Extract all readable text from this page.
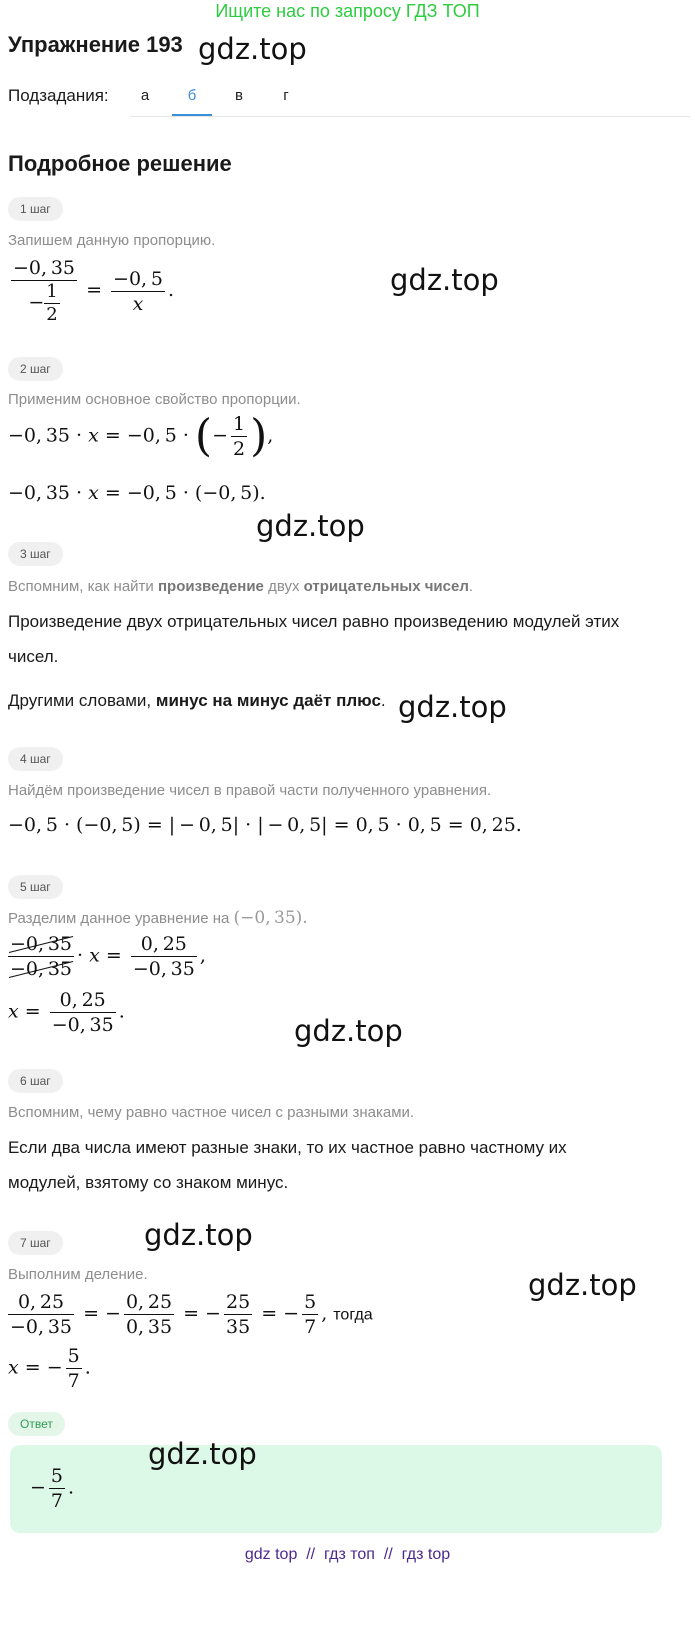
Ищите нас по запросу ГДЗ ТОП
Упражнение 193 gdz.top
Подзадания:	а	б	в	г
Подробное решение
1 шаг
Запишем данную пропорцию.
$\frac{-0, 35}{- \frac{1}{2}} = \frac{-0, 5}{x}$ .	gdz.top
2 шаг
Применим основное свойство пропорции.
−0, 35 · x = −0, 5 · (− $\frac{1}{2}$ ),
−0, 35 · x = −0, 5 · (−0, 5).
gdz.top
3 шаг
Вспомним, как найти произведение двух отрицательных чисел.
Произведение двух отрицательных чисел равно произведению модулей этих чисел.
Другими словами, минус на минус даёт плюс. gdz.top
4 шаг
Найдём произведение чисел в правой части полученного уравнения.
−0, 5 · (−0, 5) = | − 0, 5| · | − 0, 5| = 0, 5 · 0, 5 = 0, 25.
5 шаг
Разделим данное уравнение на (−0, 35).
$\frac{-0, 35}{-0, 35} \cdot x = \frac{0, 25}{-0, 35}$ ,
$x = \frac{0, 25}{-0, 35}$ .
gdz.top
6 шаг
Вспомним, чему равно частное чисел с разными знаками.
Если два числа имеют разные знаки, то их частное равно частному их модулей, взятому со знаком минус.
gdz.top
7 шаг
gdz.top
Выполним деление.
$\frac{0, 25}{-0, 35}$ = − $\frac{0, 25}{0, 35}$ = − $\frac{25}{35}$ = − $\frac{5}{7}$ , тогда
x = − $\frac{5}{7}$ .
Ответ
− $\frac{5}{7}$ .
gdz.top
gdz top // гдз топ // гдз top
